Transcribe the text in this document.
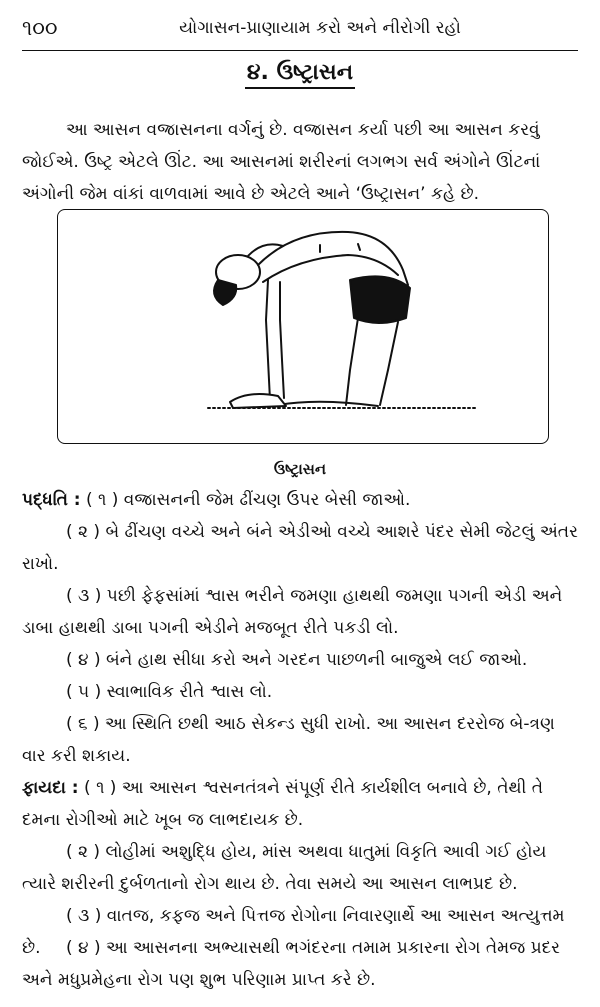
૧૦૦	યોગાસન-પ્રાણાયામ કરો અને નીરોગી રહો
૪. ઉષ્ટ્રાસન

આ આસન વજ્રાસનના વર્ગનું છે. વજ્રાસન કર્યા પછી આ આસન કરવું જોઈએ. ઉષ્ટ્ર એટલે ઊંટ. આ આસનમાં શરીરનાં લગભગ સર્વ અંગોને ઊંટનાં અંગોની જેમ વાંકાં વાળવામાં આવે છે એટલે આને ‘ઉષ્ટ્રાસન’ કહે છે.

ઉષ્ટ્રાસન

પદ્ધતિ : ( ૧ ) વજ્રાસનની જેમ ઢીંચણ ઉપર બેસી જાઓ.

( ૨ ) બે ઢીંચણ વચ્ચે અને બંને એડીઓ વચ્ચે આશરે પંદર સેમી જેટલું અંતર રાખો.

( ૩ ) પછી ફેફસાંમાં શ્વાસ ભરીને જમણા હાથથી જમણા પગની એડી અને ડાબા હાથથી ડાબા પગની એડીને મજબૂત રીતે પકડી લો.

( ૪ ) બંને હાથ સીધા કરો અને ગરદન પાછળની બાજુએ લઈ જાઓ.

( ૫ ) સ્વાભાવિક રીતે શ્વાસ લો.

( ૬ ) આ સ્થિતિ છથી આઠ સેકન્ડ સુધી રાખો. આ આસન દરરોજ બે-ત્રણ વાર કરી શકાય.

ફાયદા : ( ૧ ) આ આસન શ્વસનતંત્રને સંપૂર્ણ રીતે કાર્યશીલ બનાવે છે, તેથી તે દમના રોગીઓ માટે ખૂબ જ લાભદાયક છે.

( ૨ ) લોહીમાં અશુદ્ધિ હોય, માંસ અથવા ધાતુમાં વિકૃતિ આવી ગઈ હોય ત્યારે શરીરની દુર્બળતાનો રોગ થાય છે. તેવા સમયે આ આસન લાભપ્રદ છે.

( ૩ ) વાતજ, કફજ અને પિત્તજ રોગોના નિવારણાર્થે આ આસન અત્યુત્તમ છે.	( ૪ ) આ આસનના અભ્યાસથી ભગંદરના તમામ પ્રકારના રોગ તેમજ પ્રદર અને મધુપ્રમેહના રોગ પણ શુભ પરિણામ પ્રાપ્ત કરે છે.
